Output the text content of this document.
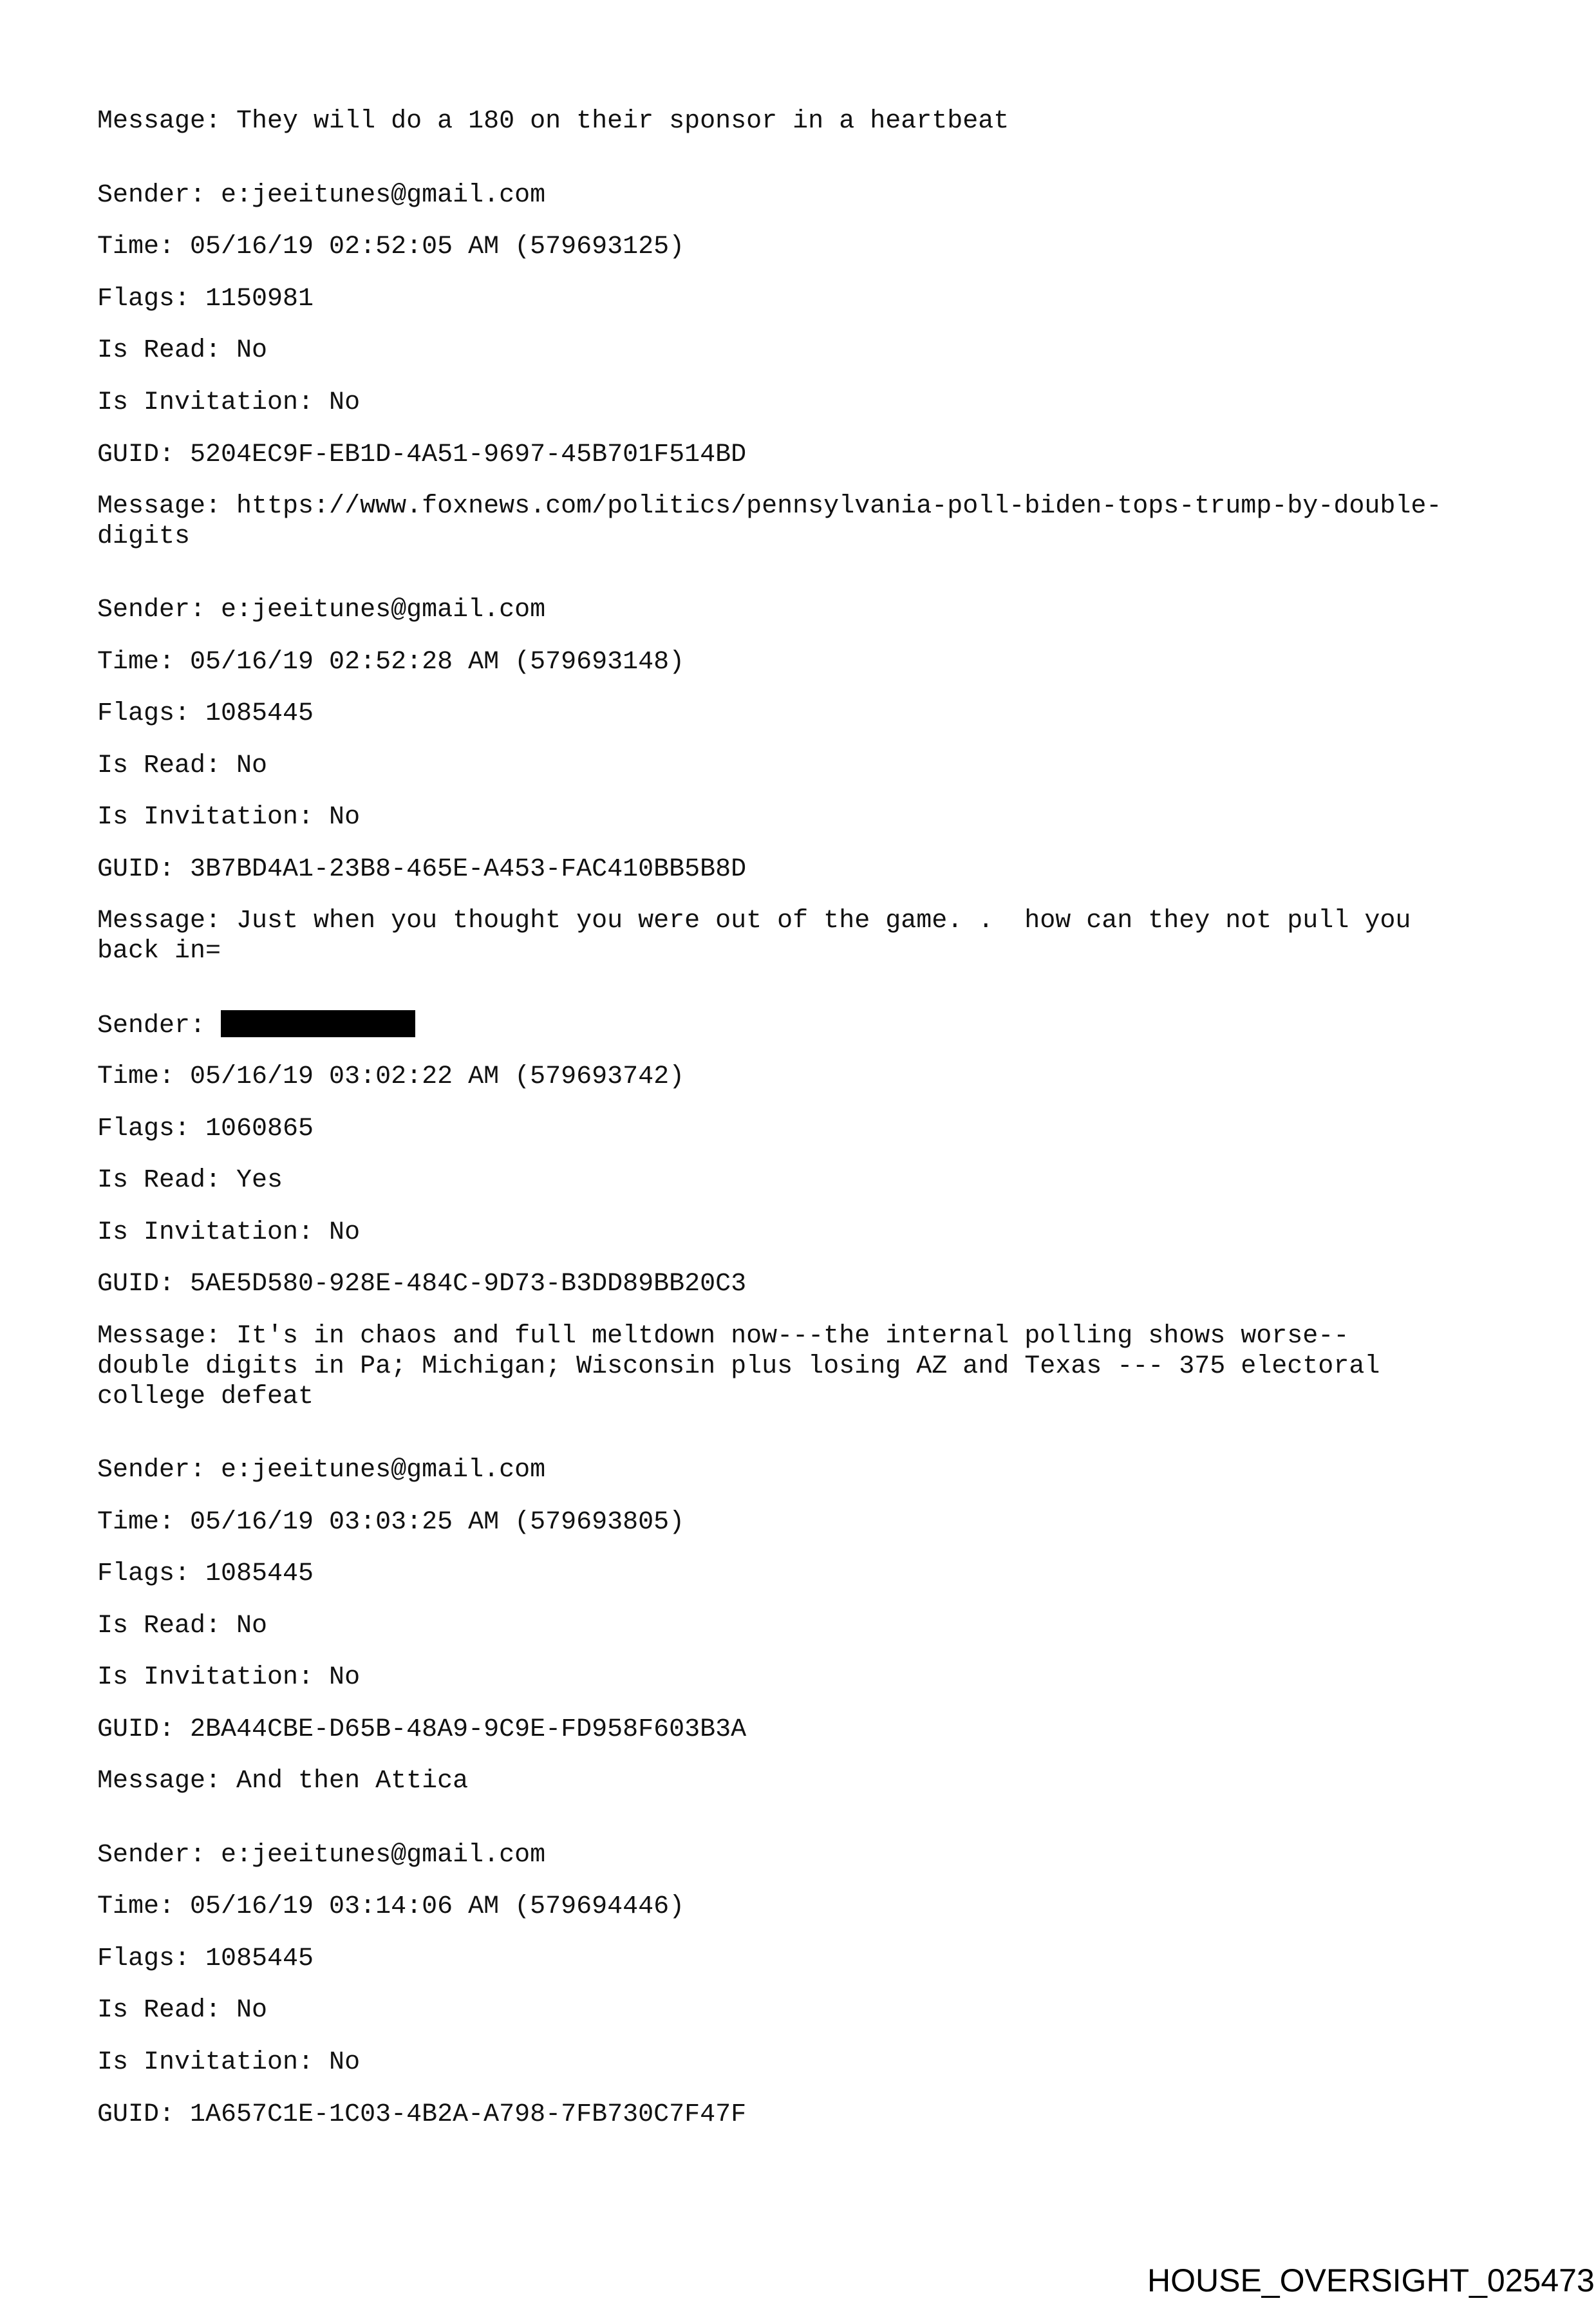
Message: They will do a 180 on their sponsor in a heartbeat

Sender: e:jeeitunes@gmail.com

Time: 05/16/19 02:52:05 AM (579693125)

Flags: 1150981

Is Read: No

Is Invitation: No

GUID: 5204EC9F-EB1D-4A51-9697-45B701F514BD

Message: https://www.foxnews.com/politics/pennsylvania-poll-biden-tops-trump-by-double-

digits

Sender: e:jeeitunes@gmail.com

Time: 05/16/19 02:52:28 AM (579693148)

Flags: 1085445

Is Read: No

Is Invitation: No

GUID: 3B7BD4A1-23B8-465E-A453-FAC410BB5B8D

Message: Just when you thought you were out of the game. .  how can they not pull you

back in=

Sender:

Time: 05/16/19 03:02:22 AM (579693742)

Flags: 1060865

Is Read: Yes

Is Invitation: No

GUID: 5AE5D580-928E-484C-9D73-B3DD89BB20C3

Message: It's in chaos and full meltdown now---the internal polling shows worse--

double digits in Pa; Michigan; Wisconsin plus losing AZ and Texas --- 375 electoral

college defeat

Sender: e:jeeitunes@gmail.com

Time: 05/16/19 03:03:25 AM (579693805)

Flags: 1085445

Is Read: No

Is Invitation: No

GUID: 2BA44CBE-D65B-48A9-9C9E-FD958F603B3A

Message: And then Attica

Sender: e:jeeitunes@gmail.com

Time: 05/16/19 03:14:06 AM (579694446)

Flags: 1085445

Is Read: No

Is Invitation: No

GUID: 1A657C1E-1C03-4B2A-A798-7FB730C7F47F

HOUSE_OVERSIGHT_025473
